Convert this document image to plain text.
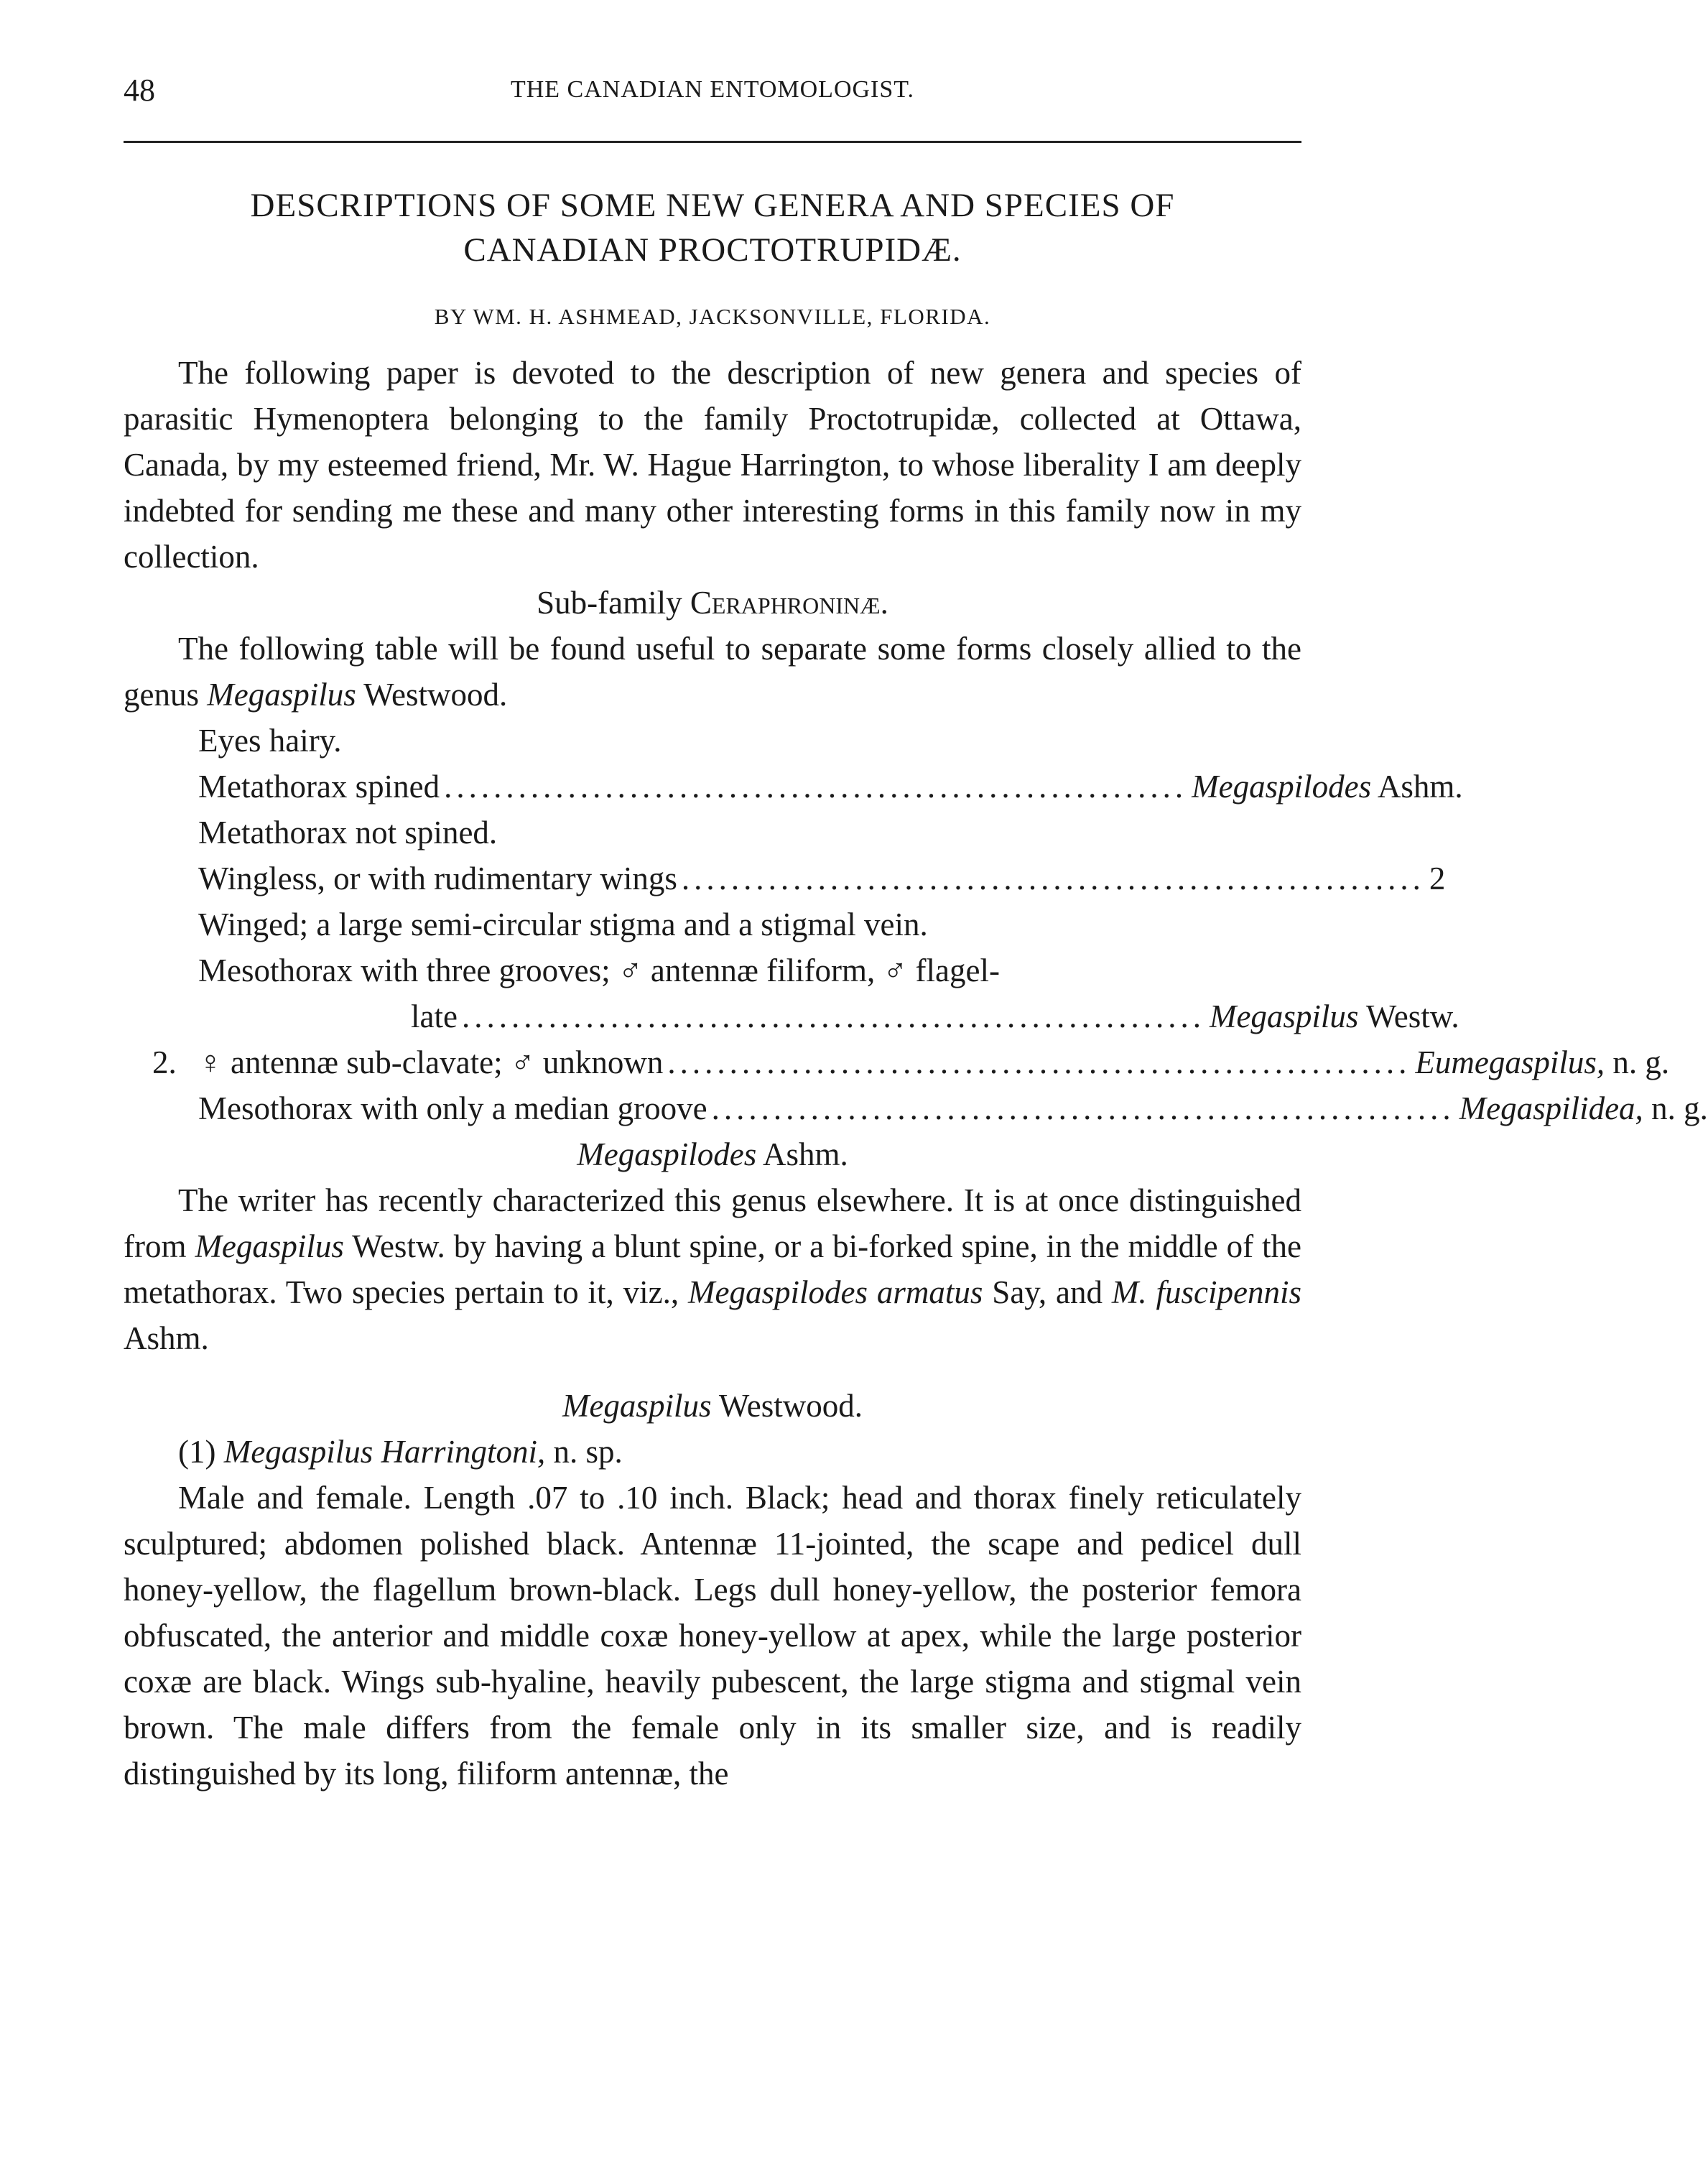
48	THE CANADIAN ENTOMOLOGIST.
DESCRIPTIONS OF SOME NEW GENERA AND SPECIES OF
CANADIAN PROCTOTRUPIDÆ.
BY WM. H. ASHMEAD, JACKSONVILLE, FLORIDA.

The following paper is devoted to the description of new genera and species of parasitic Hymenoptera belonging to the family Proctotrupidæ, collected at Ottawa, Canada, by my esteemed friend, Mr. W. Hague Harrington, to whose liberality I am deeply indebted for sending me these and many other interesting forms in this family now in my collection.

Sub-family Ceraphroninæ.

The following table will be found useful to separate some forms closely allied to the genus Megaspilus Westwood.

Eyes hairy.
Metathorax spined ............................................................ Megaspilodes Ashm.
Metathorax not spined.
Wingless, or with rudimentary wings ............................................................ 2
Winged; a large semi-circular stigma and a stigmal vein.
Mesothorax with three grooves; ♂ antennæ filiform, ♂ flagel-
late ............................................................ Megaspilus Westw.
2. ♀ antennæ sub-clavate; ♂ unknown ............................................................ Eumegaspilus, n. g.
Mesothorax with only a median groove ............................................................ Megaspilidea, n. g.
Megaspilodes Ashm.

The writer has recently characterized this genus elsewhere. It is at once distinguished from Megaspilus Westw. by having a blunt spine, or a bi-forked spine, in the middle of the metathorax. Two species pertain to it, viz., Megaspilodes armatus Say, and M. fuscipennis Ashm.

Megaspilus Westwood.
(1) Megaspilus Harringtoni, n. sp.

Male and female. Length .07 to .10 inch. Black; head and thorax finely reticulately sculptured; abdomen polished black. Antennæ 11-jointed, the scape and pedicel dull honey-yellow, the flagellum brown-black. Legs dull honey-yellow, the posterior femora obfuscated, the anterior and middle coxæ honey-yellow at apex, while the large posterior coxæ are black. Wings sub-hyaline, heavily pubescent, the large stigma and stigmal vein brown. The male differs from the female only in its smaller size, and is readily distinguished by its long, filiform antennæ, the
